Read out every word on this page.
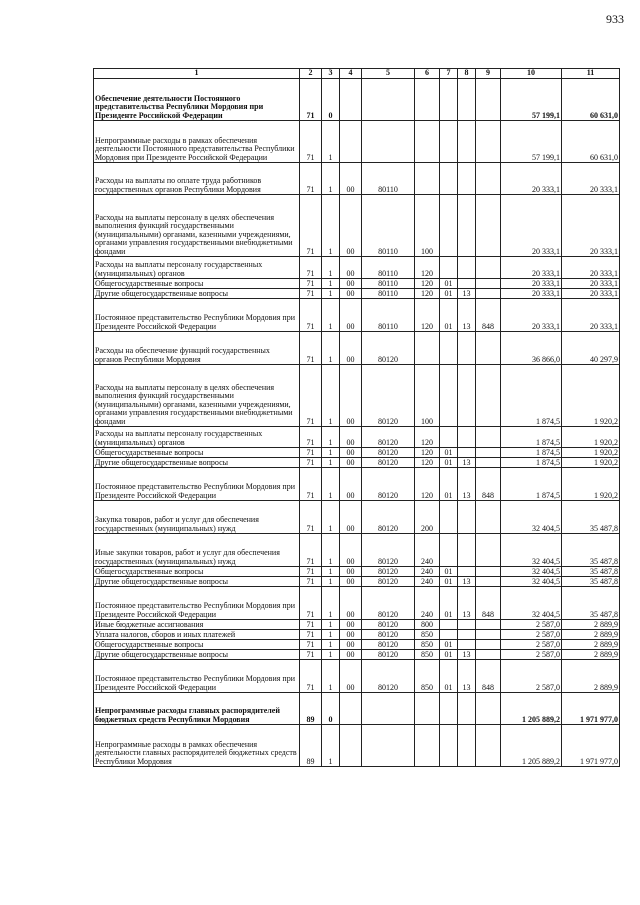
933
1	2	3	4	5	6	7	8	9	10	11
Обеспечение деятельности Постоянного представительства Республики Мордовия при Президенте Российской Федерации	71	0							57 199,1	60 631,0
Непрограммные расходы в рамках обеспечения деятельности Постоянного представительства Республики Мордовия при Президенте Российской Федерации	71	1							57 199,1	60 631,0
Расходы на выплаты по оплате труда работников государственных органов Республики Мордовия	71	1	00	80110					20 333,1	20 333,1
Расходы на выплаты персоналу в целях обеспечения выполнения функций государственными (муниципальными) органами, казенными учреждениями, органами управления государственными внебюджетными фондами	71	1	00	80110	100				20 333,1	20 333,1
Расходы на выплаты персоналу государственных (муниципальных) органов	71	1	00	80110	120				20 333,1	20 333,1
Общегосударственные вопросы	71	1	00	80110	120	01			20 333,1	20 333,1
Другие общегосударственные вопросы	71	1	00	80110	120	01	13		20 333,1	20 333,1
Постоянное представительство Республики Мордовия при Президенте Российской Федерации	71	1	00	80110	120	01	13	848	20 333,1	20 333,1
Расходы на обеспечение функций государственных органов Республики Мордовия	71	1	00	80120					36 866,0	40 297,9
Расходы на выплаты персоналу в целях обеспечения выполнения функций государственными (муниципальными) органами, казенными учреждениями, органами управления государственными внебюджетными фондами	71	1	00	80120	100				1 874,5	1 920,2
Расходы на выплаты персоналу государственных (муниципальных) органов	71	1	00	80120	120				1 874,5	1 920,2
Общегосударственные вопросы	71	1	00	80120	120	01			1 874,5	1 920,2
Другие общегосударственные вопросы	71	1	00	80120	120	01	13		1 874,5	1 920,2
Постоянное представительство Республики Мордовия при Президенте Российской Федерации	71	1	00	80120	120	01	13	848	1 874,5	1 920,2
Закупка товаров, работ и услуг для обеспечения государственных (муниципальных) нужд	71	1	00	80120	200				32 404,5	35 487,8
Иные закупки товаров, работ и услуг для обеспечения государственных (муниципальных) нужд	71	1	00	80120	240				32 404,5	35 487,8
Общегосударственные вопросы	71	1	00	80120	240	01			32 404,5	35 487,8
Другие общегосударственные вопросы	71	1	00	80120	240	01	13		32 404,5	35 487,8
Постоянное представительство Республики Мордовия при Президенте Российской Федерации	71	1	00	80120	240	01	13	848	32 404,5	35 487,8
Иные бюджетные ассигнования	71	1	00	80120	800				2 587,0	2 889,9
Уплата налогов, сборов и иных платежей	71	1	00	80120	850				2 587,0	2 889,9
Общегосударственные вопросы	71	1	00	80120	850	01			2 587,0	2 889,9
Другие общегосударственные вопросы	71	1	00	80120	850	01	13		2 587,0	2 889,9
Постоянное представительство Республики Мордовия при Президенте Российской Федерации	71	1	00	80120	850	01	13	848	2 587,0	2 889,9
Непрограммные расходы главных распорядителей бюджетных средств Республики Мордовия	89	0							1 205 889,2	1 971 977,0
Непрограммные расходы в рамках обеспечения деятельности главных распорядителей бюджетных средств Республики Мордовия	89	1							1 205 889,2	1 971 977,0
